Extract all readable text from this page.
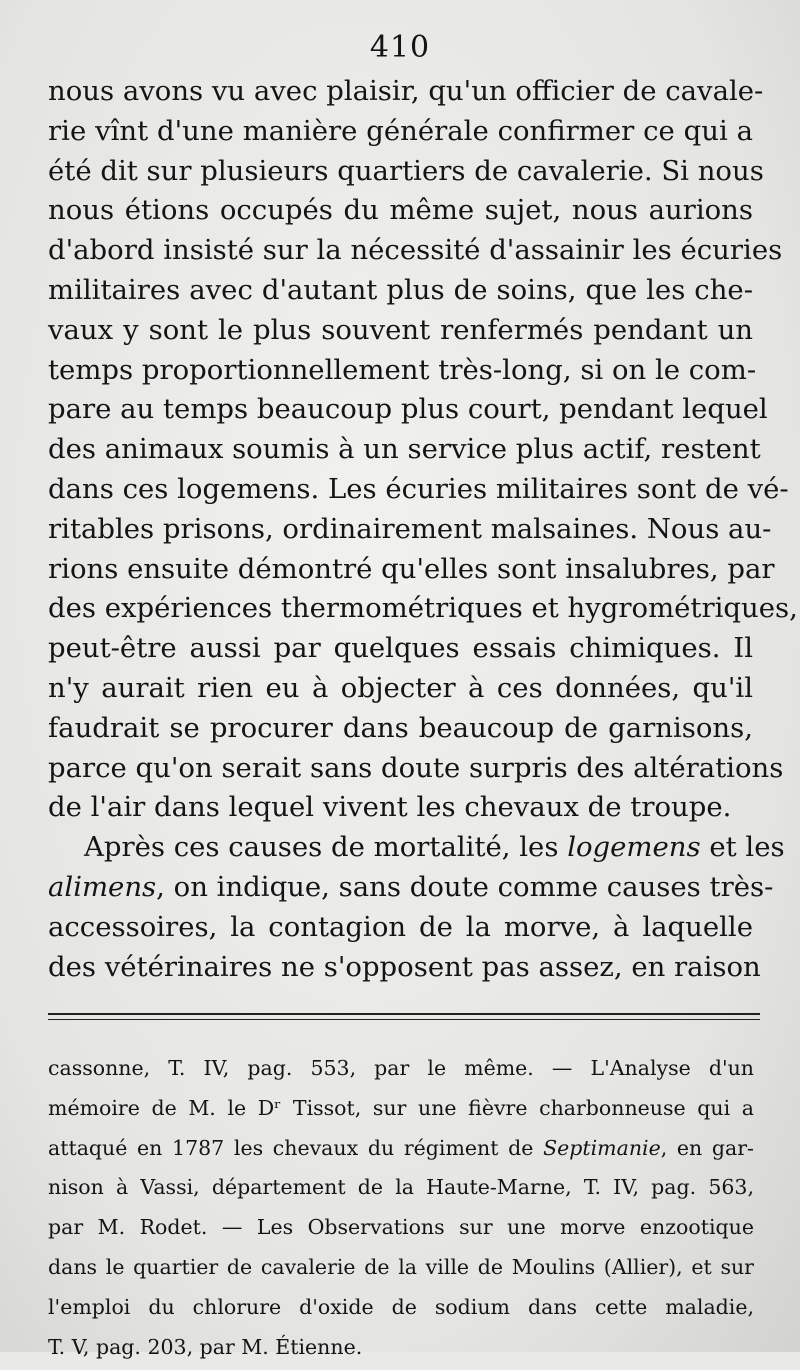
410
nous avons vu avec plaisir, qu'un officier de cavale-
rie vînt d'une manière générale confirmer ce qui a
été dit sur plusieurs quartiers de cavalerie. Si nous
nous étions occupés du même sujet, nous aurions
d'abord insisté sur la nécessité d'assainir les écuries
militaires avec d'autant plus de soins, que les che-
vaux y sont le plus souvent renfermés pendant un
temps proportionnellement très-long, si on le com-
pare au temps beaucoup plus court, pendant lequel
des animaux soumis à un service plus actif, restent
dans ces logemens. Les écuries militaires sont de vé-
ritables prisons, ordinairement malsaines. Nous au-
rions ensuite démontré qu'elles sont insalubres, par
des expériences thermométriques et hygrométriques,
peut-être aussi par quelques essais chimiques. Il
n'y aurait rien eu à objecter à ces données, qu'il
faudrait se procurer dans beaucoup de garnisons,
parce qu'on serait sans doute surpris des altérations
de l'air dans lequel vivent les chevaux de troupe.
Après ces causes de mortalité, les logemens et les
alimens, on indique, sans doute comme causes très-
accessoires, la contagion de la morve, à laquelle
des vétérinaires ne s'opposent pas assez, en raison
cassonne, T. IV, pag. 553, par le même. — L'Analyse d'un
mémoire de M. le Dʳ Tissot, sur une fièvre charbonneuse qui a
attaqué en 1787 les chevaux du régiment de Septimanie, en gar-
nison à Vassi, département de la Haute-Marne, T. IV, pag. 563,
par M. Rodet. — Les Observations sur une morve enzootique
dans le quartier de cavalerie de la ville de Moulins (Allier), et sur
l'emploi du chlorure d'oxide de sodium dans cette maladie,
T. V, pag. 203, par M. Étienne.
